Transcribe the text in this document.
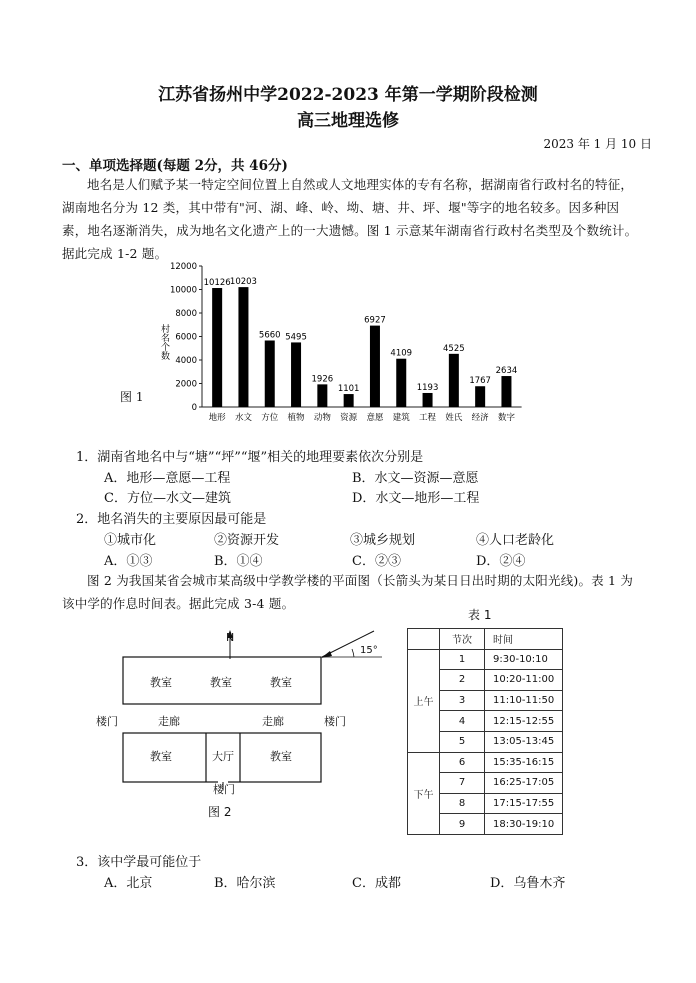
江苏省扬州中学2022-2023 年第一学期阶段检测
高三地理选修
2023 年 1 月 10 日
一、单项选择题(每题 2分，共 46分)
地名是人们赋予某一特定空间位置上自然或人文地理实体的专有名称，据湖南省行政村名的特征，湖南地名分为 12 类，其中带有"河、湖、峰、岭、坳、塘、井、坪、堰"等字的地名较多。因多种因素，地名逐渐消失，成为地名文化遗产上的一大遗憾。图 1 示意某年湖南省行政村名类型及个数统计。据此完成 1-2 题。
0
2000
4000
6000
8000
10000
12000
10126 10203
5660 5495
1926
1101
6927
4109
1193
4525
1767
2634
地形 水文 方位 植物 动物 资源 意愿 建筑 工程 姓氏 经济 数字
村名个数
图 1
1．湖南省地名中与“塘”“坪”“堰”相关的地理要素依次分别是
A．地形—意愿—工程	B．水文—资源—意愿
C．方位—水文—建筑	D．水文—地形—工程
2．地名消失的主要原因最可能是
①城市化	②资源开发	③城乡规划	④人口老龄化
A．①③	B．①④	C．②③	D．②④
图 2 为我国某省会城市某高级中学教学楼的平面图（长箭头为某日日出时期的太阳光线)。表 1 为该中学的作息时间表。据此完成 3-4 题。
N
15°
教室	教室	教室
楼门	走廊	走廊	楼门
教室	大厅	教室
楼门
图 2
表 1
	节次	时间
上午	1	9:30-10:10
	2	10:20-11:00
	3	11:10-11:50
	4	12:15-12:55
	5	13:05-13:45
下午	6	15:35-16:15
	7	16:25-17:05
	8	17:15-17:55
	9	18:30-19:10
3．该中学最可能位于
A．北京	B．哈尔滨	C．成都	D．乌鲁木齐
